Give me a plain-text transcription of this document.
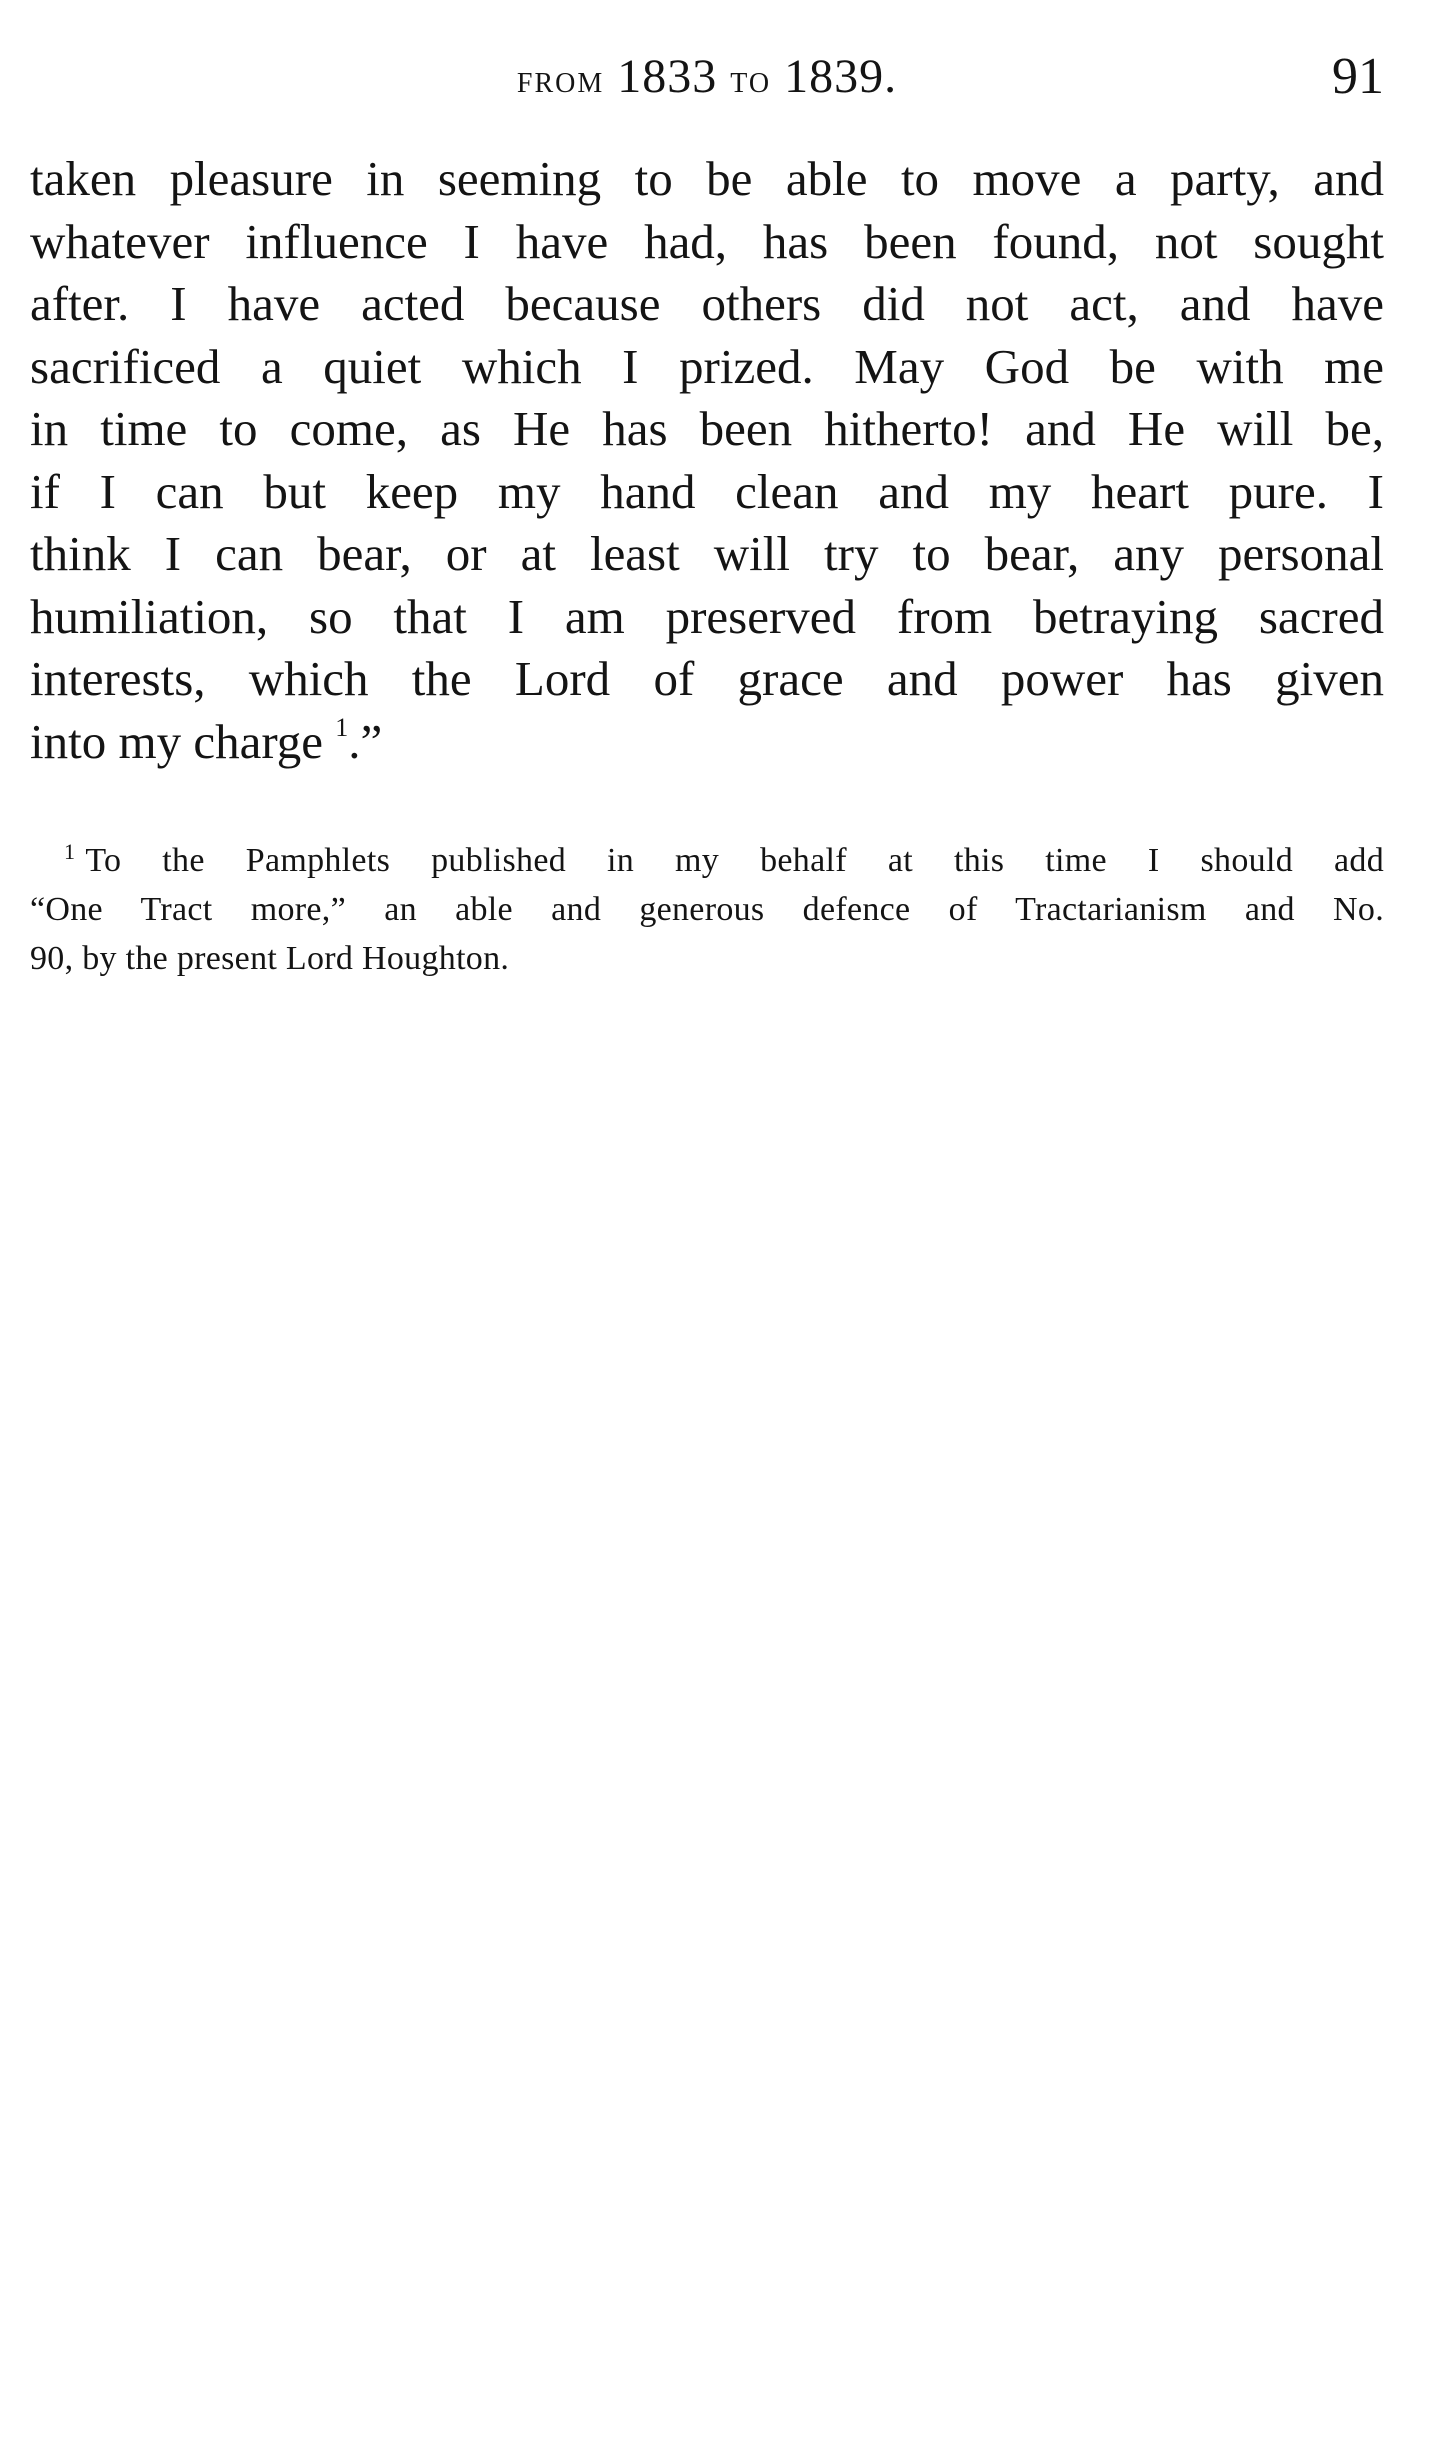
from 1833 to 1839.	91
taken pleasure in seeming to be able to move a party, and
whatever influence I have had, has been found, not sought
after. I have acted because others did not act, and have
sacrificed a quiet which I prized. May God be with me
in time to come, as He has been hitherto! and He will be,
if I can but keep my hand clean and my heart pure. I
think I can bear, or at least will try to bear, any personal
humiliation, so that I am preserved from betraying sacred
interests, which the Lord of grace and power has given
into my charge $^1$.”
$^1$ To the Pamphlets published in my behalf at this time I should add
“One Tract more,” an able and generous defence of Tractarianism and No.
90, by the present Lord Houghton.
